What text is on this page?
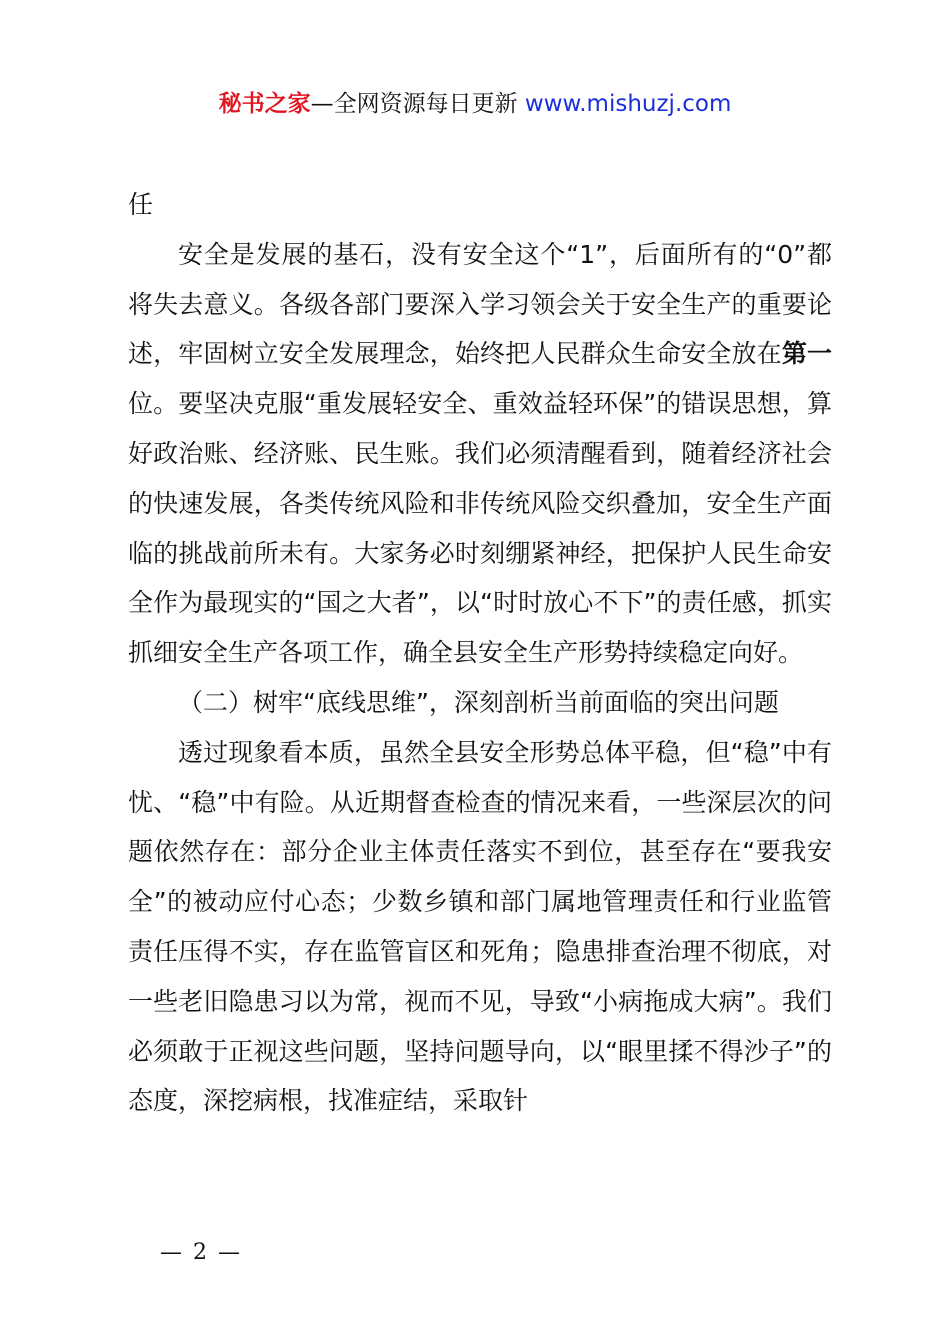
秘书之家—全网资源每日更新 www.mishuzj.com

任

安全是发展的基石，没有安全这个“1”，后面所有的“0”都将失去意义。各级各部门要深入学习领会关于安全生产的重要论述，牢固树立安全发展理念，始终把人民群众生命安全放在第一位。要坚决克服“重发展轻安全、重效益轻环保”的错误思想，算好政治账、经济账、民生账。我们必须清醒看到，随着经济社会的快速发展，各类传统风险和非传统风险交织叠加，安全生产面临的挑战前所未有。大家务必时刻绷紧神经，把保护人民生命安全作为最现实的“国之大者”，以“时时放心不下”的责任感，抓实抓细安全生产各项工作，确全县安全生产形势持续稳定向好。

（二）树牢“底线思维”，深刻剖析当前面临的突出问题

透过现象看本质，虽然全县安全形势总体平稳，但“稳”中有忧、“稳”中有险。从近期督查检查的情况来看，一些深层次的问题依然存在：部分企业主体责任落实不到位，甚至存在“要我安全”的被动应付心态；少数乡镇和部门属地管理责任和行业监管责任压得不实，存在监管盲区和死角；隐患排查治理不彻底，对一些老旧隐患习以为常，视而不见，导致“小病拖成大病”。我们必须敢于正视这些问题，坚持问题导向，以“眼里揉不得沙子”的态度，深挖病根，找准症结，采取针

— 2 —
